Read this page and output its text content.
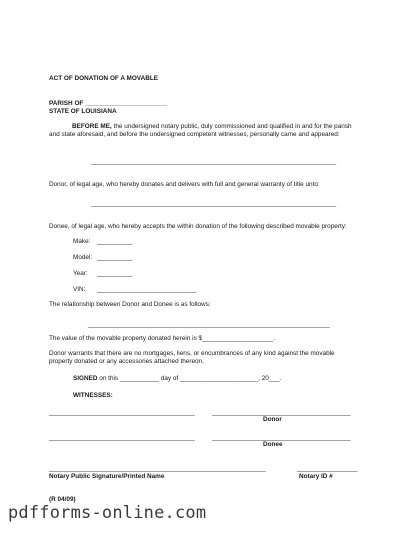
ACT OF DONATION OF A MOVABLE
PARISH OF _______________________
STATE OF LOUISIANA
BEFORE ME, the undersigned notary public, duly commissioned and qualified in and for the parish and state aforesaid, and before the undersigned competent witnesses, personally came and appeared:
_____________________________________________________________________
Donor, of legal age, who hereby donates and delivers with full and general warranty of title unto:
_____________________________________________________________________
Donee, of legal age, who hereby accepts the within donation of the following described movable property:
Make: __________
Model: __________
Year: __________
VIN: ____________________________
The relationship between Donor and Donee is as follows:
____________________________________________________________________
The value of the movable property donated herein is $____________________.
Donor warrants that there are no mortgages, liens, or encumbrances of any kind against the movable property donated or any accessories attached thereon.
SIGNED on this ___________ day of ______________________, 20___.
WITNESSES:
_________________________________________	_______________________________________
Donor
_________________________________________	_______________________________________
Donee
_____________________________________________________________	_________________
Notary Public Signature/Printed Name	Notary ID #
(R 04/09)
pdfforms-online.com
